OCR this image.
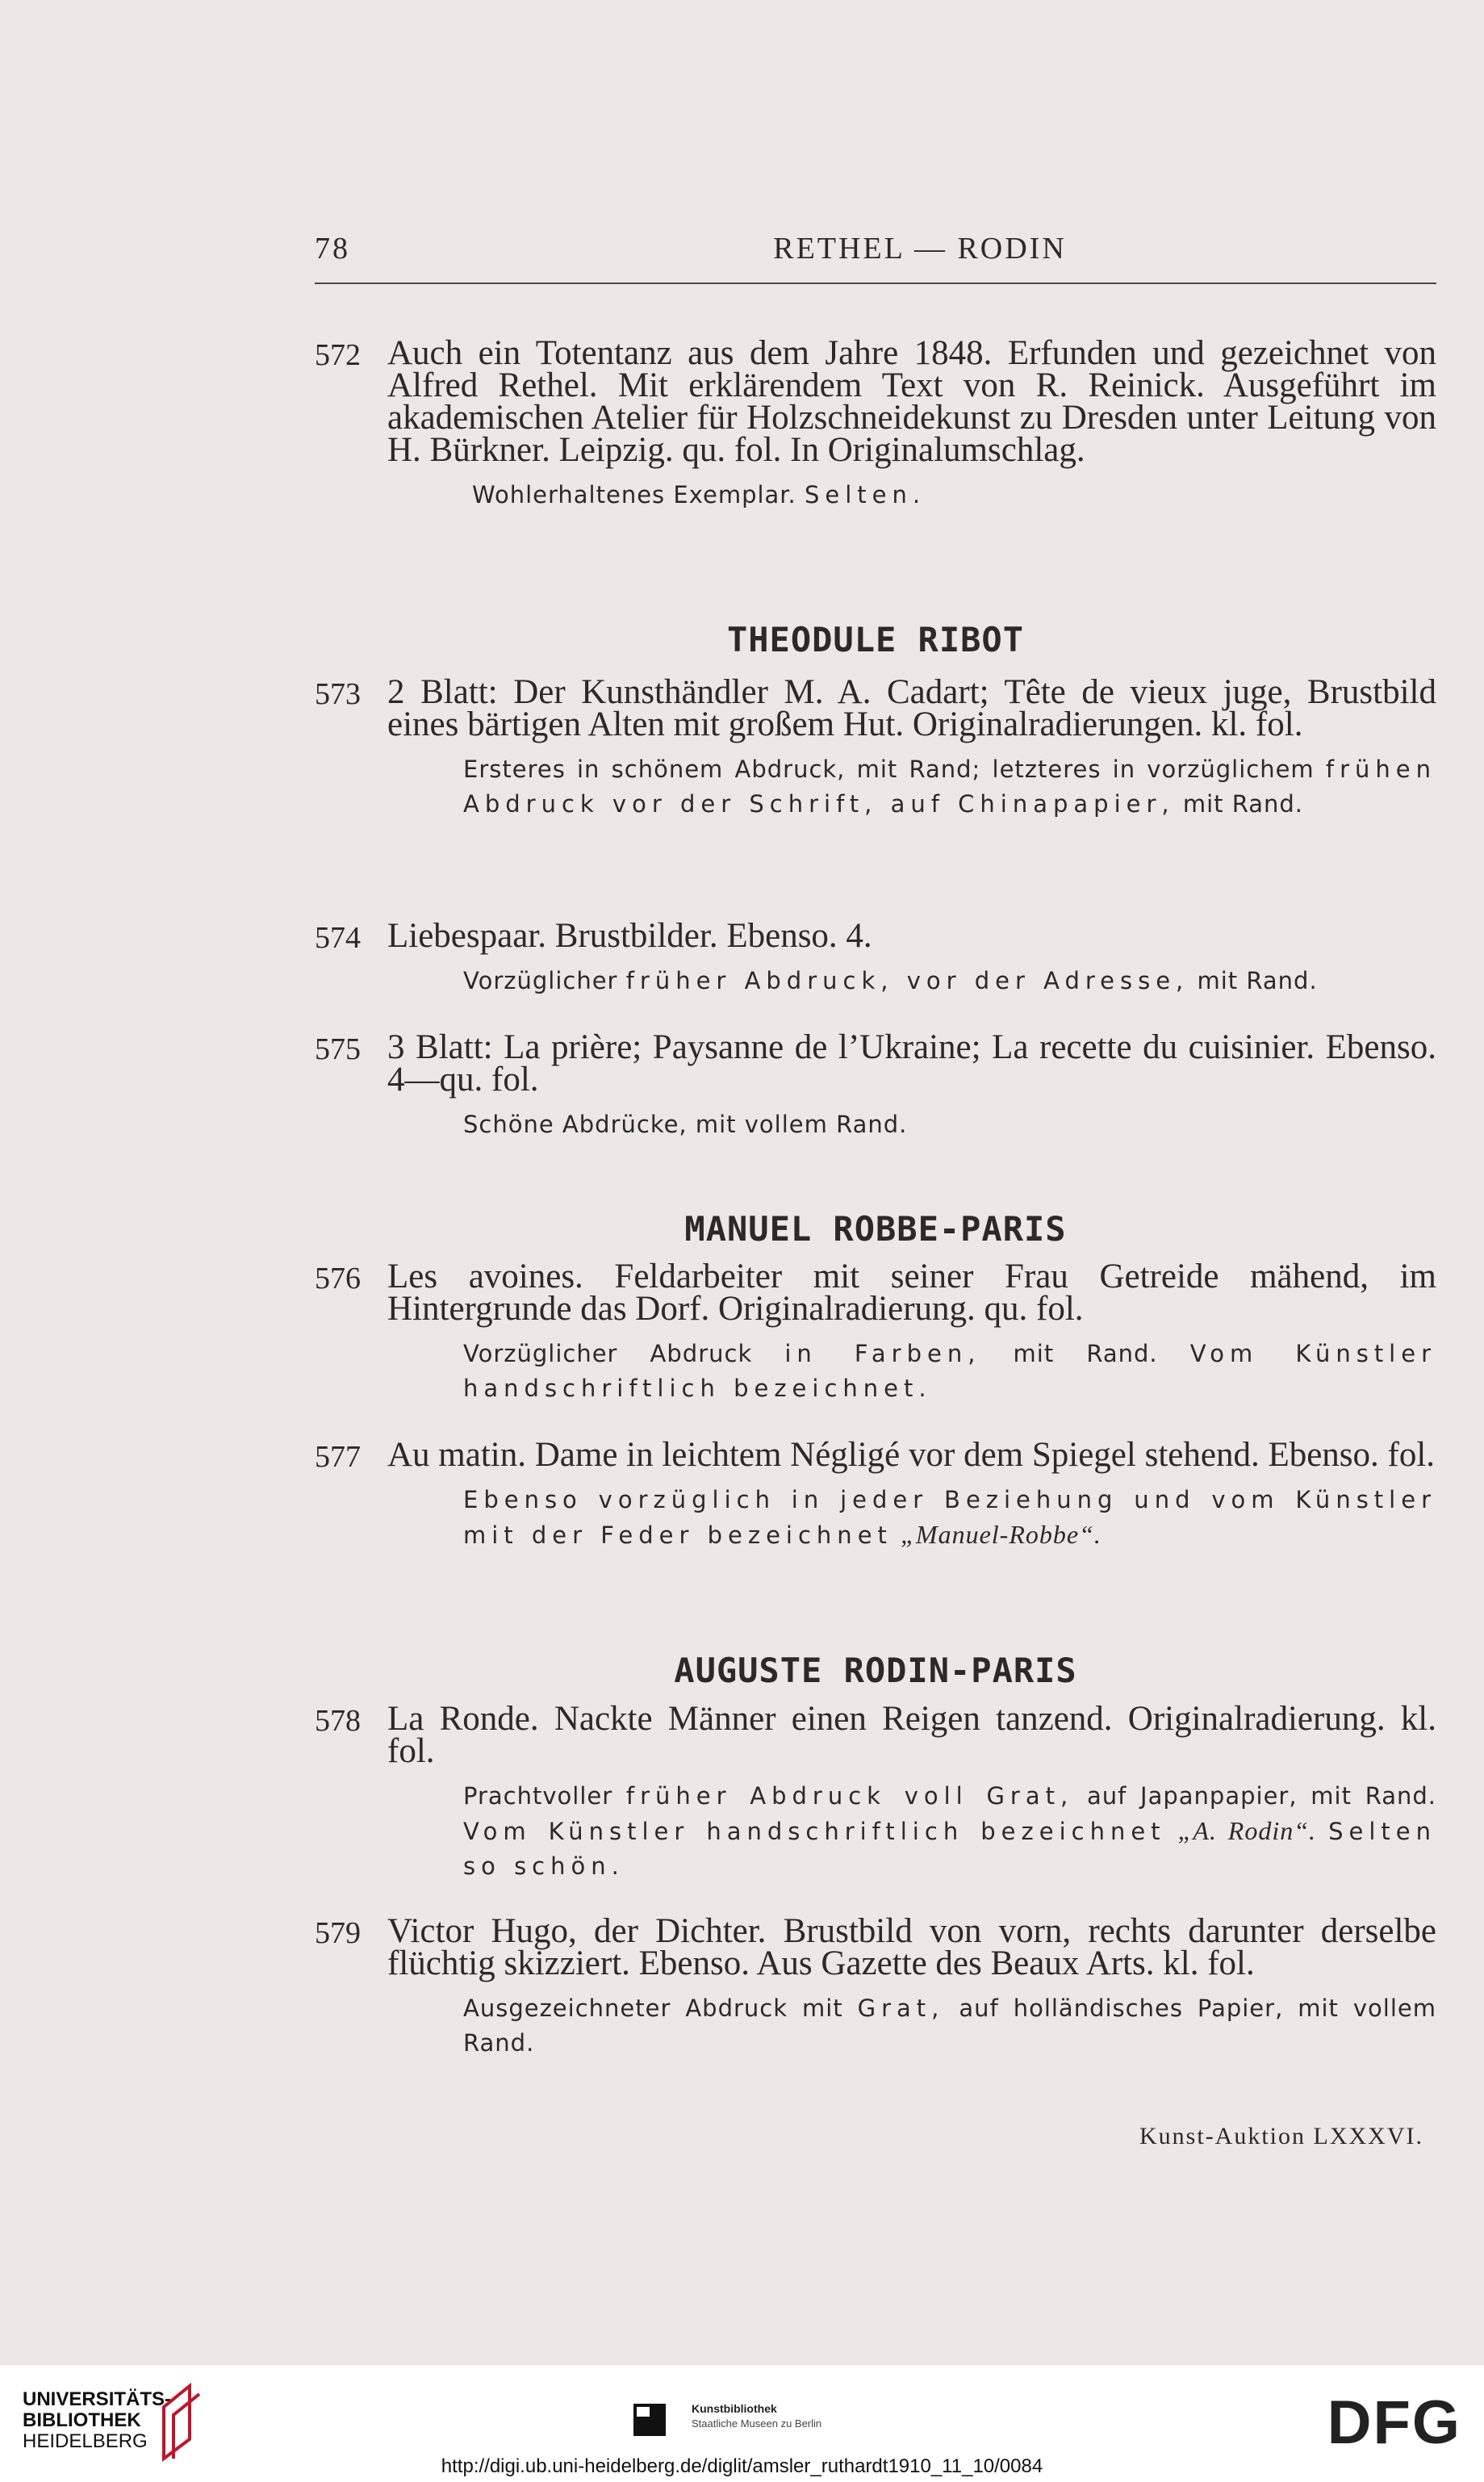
78	RETHEL — RODIN
572 Auch ein Totentanz aus dem Jahre 1848. Erfunden und gezeichnet von Alfred Rethel. Mit erklärendem Text von R. Reinick. Ausgeführt im akademischen Atelier für Holzschneidekunst zu Dresden unter Leitung von H. Bürkner. Leipzig. qu. fol. In Originalumschlag.
Wohlerhaltenes Exemplar. Selten.
THEODULE RIBOT
573 2 Blatt: Der Kunsthändler M. A. Cadart; Tête de vieux juge, Brustbild eines bärtigen Alten mit großem Hut. Originalradierungen. kl. fol.
Ersteres in schönem Abdruck, mit Rand; letzteres in vorzüglichem frühen Abdruck vor der Schrift, auf Chinapapier, mit Rand.
574 Liebespaar. Brustbilder. Ebenso. 4.
Vorzüglicher früher Abdruck, vor der Adresse, mit Rand.
575 3 Blatt: La prière; Paysanne de l’Ukraine; La recette du cuisinier. Ebenso. 4—qu. fol.
Schöne Abdrücke, mit vollem Rand.
MANUEL ROBBE-PARIS
576 Les avoines. Feldarbeiter mit seiner Frau Getreide mähend, im Hintergrunde das Dorf. Originalradierung. qu. fol.
Vorzüglicher Abdruck in Farben, mit Rand. Vom Künstler handschriftlich bezeichnet.
577 Au matin. Dame in leichtem Négligé vor dem Spiegel stehend. Ebenso. fol.
Ebenso vorzüglich in jeder Beziehung und vom Künstler mit der Feder bezeichnet „Manuel-Robbe“.
AUGUSTE RODIN-PARIS
578 La Ronde. Nackte Männer einen Reigen tanzend. Originalradierung. kl. fol.
Prachtvoller früher Abdruck voll Grat, auf Japanpapier, mit Rand. Vom Künstler handschriftlich bezeichnet „A. Rodin“. Selten so schön.
579 Victor Hugo, der Dichter. Brustbild von vorn, rechts darunter derselbe flüchtig skizziert. Ebenso. Aus Gazette des Beaux Arts. kl. fol.
Ausgezeichneter Abdruck mit Grat, auf holländisches Papier, mit vollem Rand.
Kunst-Auktion LXXXVI.
UNIVERSITÄTS-
BIBLIOTHEK
HEIDELBERG
Kunstbibliothek
Staatliche Museen zu Berlin	DFG
http://digi.ub.uni-heidelberg.de/diglit/amsler_ruthardt1910_11_10/0084
